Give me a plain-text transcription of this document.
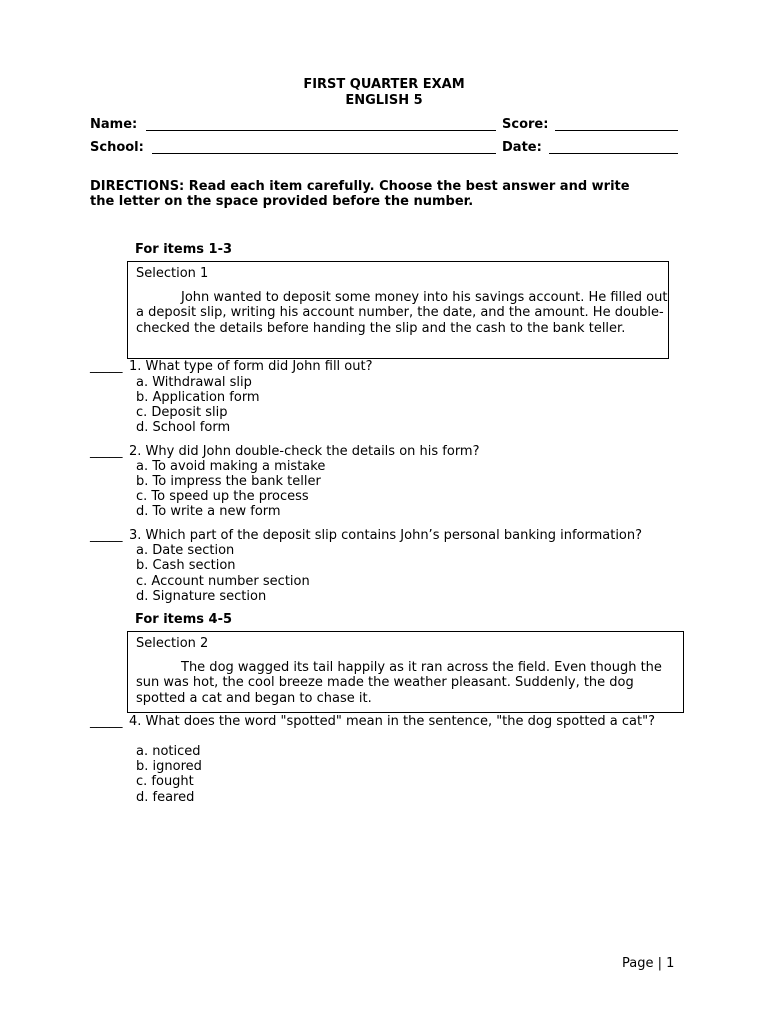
FIRST QUARTER EXAM
ENGLISH 5
Name:	Score:
School:	Date:
DIRECTIONS: Read each item carefully. Choose the best answer and write
the letter on the space provided before the number.
For items 1-3
Selection 1
John wanted to deposit some money into his savings account. He filled out a deposit slip, writing his account number, the date, and the amount. He double-checked the details before handing the slip and the cash to the bank teller.
_____ 1. What type of form did John fill out?
a. Withdrawal slip
b. Application form
c. Deposit slip
d. School form
_____ 2. Why did John double-check the details on his form?
a. To avoid making a mistake
b. To impress the bank teller
c. To speed up the process
d. To write a new form
_____ 3. Which part of the deposit slip contains John’s personal banking information?
a. Date section
b. Cash section
c. Account number section
d. Signature section
For items 4-5
Selection 2
The dog wagged its tail happily as it ran across the field. Even though the sun was hot, the cool breeze made the weather pleasant. Suddenly, the dog spotted a cat and began to chase it.
_____ 4. What does the word "spotted" mean in the sentence, "the dog spotted a cat"?
a. noticed
b. ignored
c. fought
d. feared
Page | 1
